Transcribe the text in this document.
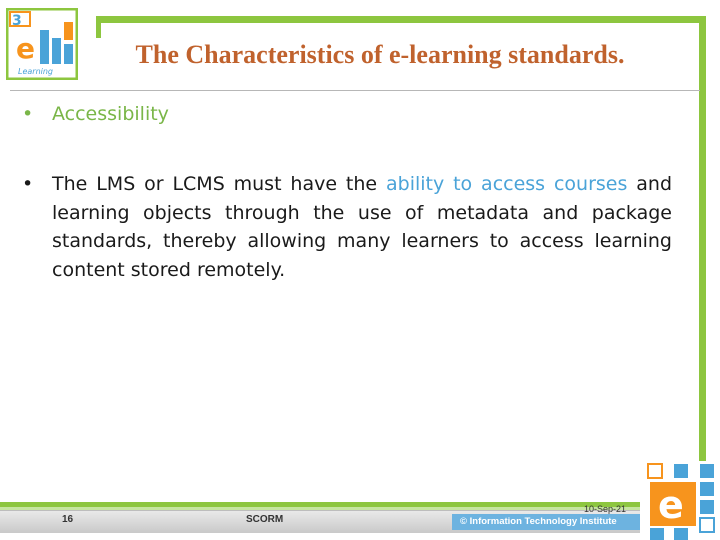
3
e
Learning
The Characteristics of e-learning standards.
• Accessibility
• The LMS or LCMS must have the ability to access courses and learning objects through the use of metadata and package standards, thereby allowing many learners to access learning content stored remotely.
16	SCORM
10-Sep-21
© Information Technology Institute e
